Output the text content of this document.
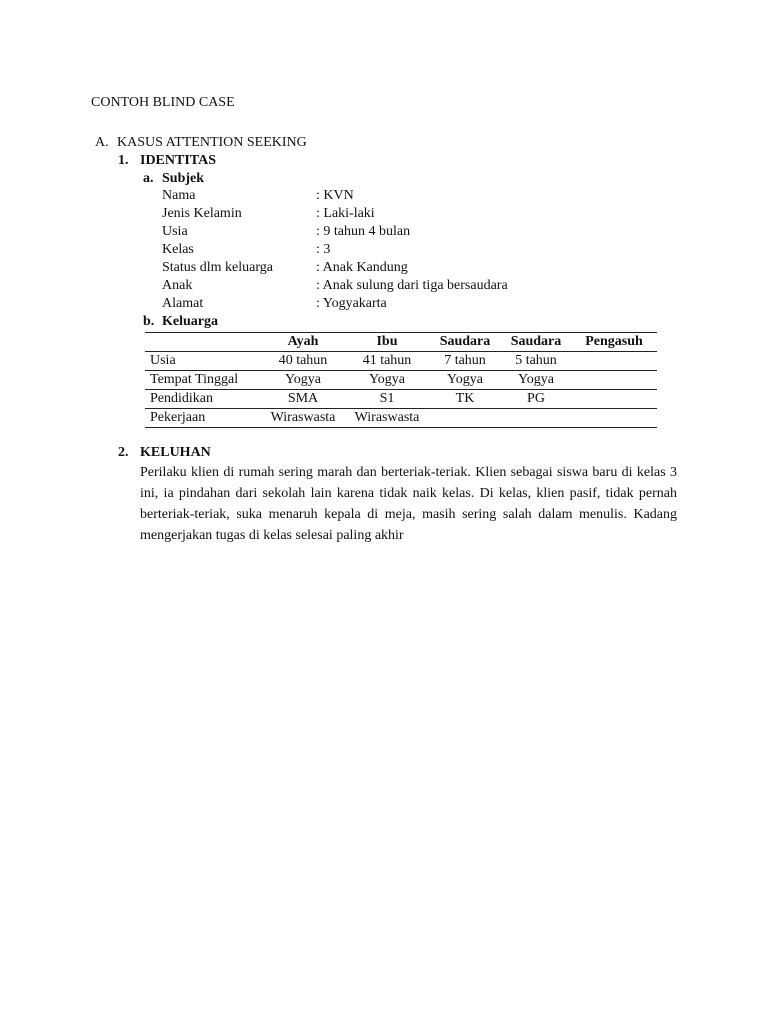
CONTOH BLIND CASE
A. KASUS ATTENTION SEEKING
1. IDENTITAS
a. Subjek
Nama	: KVN
Jenis Kelamin	: Laki-laki
Usia	: 9 tahun 4 bulan
Kelas	: 3
Status dlm keluarga	: Anak Kandung
Anak	: Anak sulung dari tiga bersaudara
Alamat	: Yogyakarta
b. Keluarga
	Ayah	Ibu	Saudara	Saudara	Pengasuh
Usia	40 tahun	41 tahun	7 tahun	5 tahun	
Tempat Tinggal	Yogya	Yogya	Yogya	Yogya	
Pendidikan	SMA	S1	TK	PG	
Pekerjaan	Wiraswasta	Wiraswasta			
2. KELUHAN
Perilaku klien di rumah sering marah dan berteriak-teriak. Klien sebagai siswa baru di kelas 3 ini, ia pindahan dari sekolah lain karena tidak naik kelas. Di kelas, klien pasif, tidak pernah berteriak-teriak, suka menaruh kepala di meja, masih sering salah dalam menulis. Kadang mengerjakan tugas di kelas selesai paling akhir
